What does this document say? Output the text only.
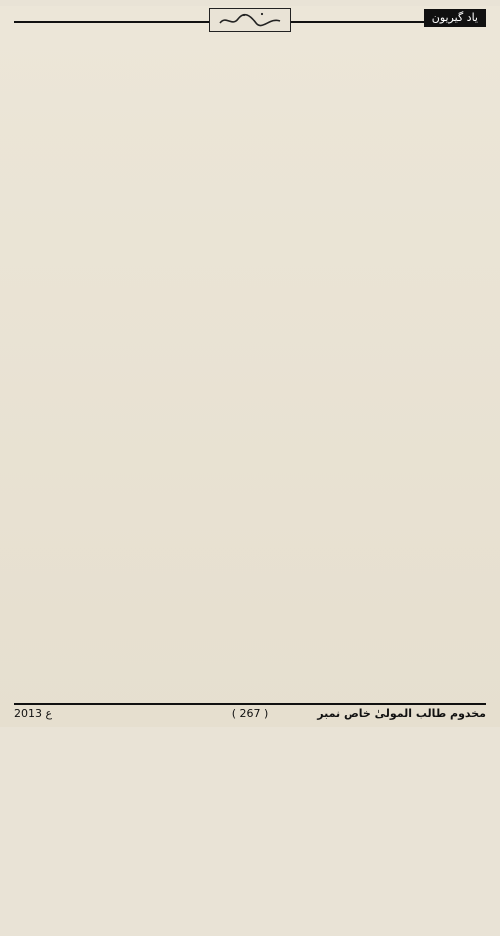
ياد گيريون
مخدوم طالب المولىٰ خاص نمبر
( 267 )
2013 ع
